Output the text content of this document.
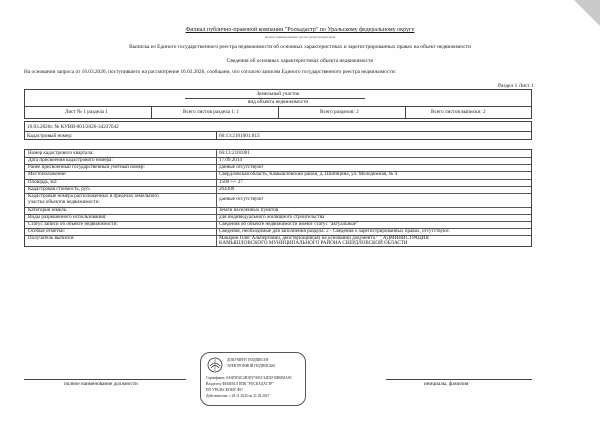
Филиал публично-правовой компании "Роскадастр" по Уральскому федеральному округу
полное наименование органа регистрации прав
Выписка из Единого государственного реестра недвижимости об основных характеристиках и зарегистрированных правах на объект недвижимости
Сведения об основных характеристиках объекта недвижимости
На основании запроса от 16.03.2026, поступившего на рассмотрение 16.03.2026, сообщаем, что согласно записям Единого государственного реестра недвижимости:
Раздел 1 Лист 1
Земельный участок
вид объекта недвижимости
Лист № 1 раздела 1	Всего листов раздела 1: 1	Всего разделов: 2	Всего листов выписки: 2
16.03.2026г. № КУВИ-001/2026-34237642
Кадастровый номер:	66:13:2101001:813
Номер кадастрового квартала:	66:13:2101001
Дата присвоения кадастрового номера:	17.09.2014
Ранее присвоенный государственный учетный номер:	данные отсутствуют
Местоположение:	Свердловская область, Камышловский район, д. Шипицина, ул. Молодежная, № 4
Площадь, м2:	1500 +/- 27
Кадастровая стоимость, руб.:	264300
Кадастровые номера расположенных в пределах земельного
участка объектов недвижимости:	данные отсутствуют
Категория земель:	Земли населенных пунктов
Виды разрешенного использования:	для индивидуального жилищного строительства
Статус записи об объекте недвижимости:	Сведения об объекте недвижимости имеют статус "актуальные"
Особые отметки:	Сведения, необходимые для заполнения раздела: 2 - Сведения о зарегистрированных правах, отсутствуют.
Получатель выписки:	Макарин Олег Альбертович, действующий(ая) на основании документа " " АДМИНИСТРАЦИЯ
КАМЫШЛОВСКОГО МУНИЦИПАЛЬНОГО РАЙОНА СВЕРДЛОВСКОЙ ОБЛАСТИ
полное наименование должности	инициалы, фамилия
ДОКУМЕНТ ПОДПИСАН
ЭЛЕКТРОННОЙ ПОДПИСЬЮ
Сертификат: 0A6F3D4C2B1E97A85C34D2F10B6E8A9C
Владелец: ФИЛИАЛ ППК "РОСКАДАСТР"
ПО УРАЛЬСКОМУ ФО
Действителен: с 28.11.2025 по 21.02.2027
